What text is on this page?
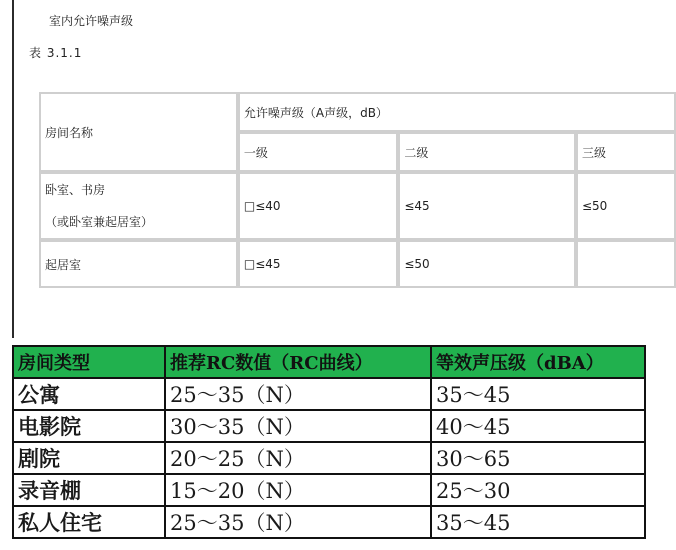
室内允许噪声级
表 3.1.1
房间名称	允许噪声级（A声级，dB）		
	一级	二级	三级

卧室、书房
（或卧室兼起居室）	□≤40	≤45	≤50
起居室	□≤45	≤50	
房间类型	推荐RC数值（RC曲线）	等效声压级（dBA）
公寓	25～35（N）	35～45
电影院	30～35（N）	40～45
剧院	20～25（N）	30～65
录音棚	15～20（N）	25～30
私人住宅	25～35（N）	35～45
